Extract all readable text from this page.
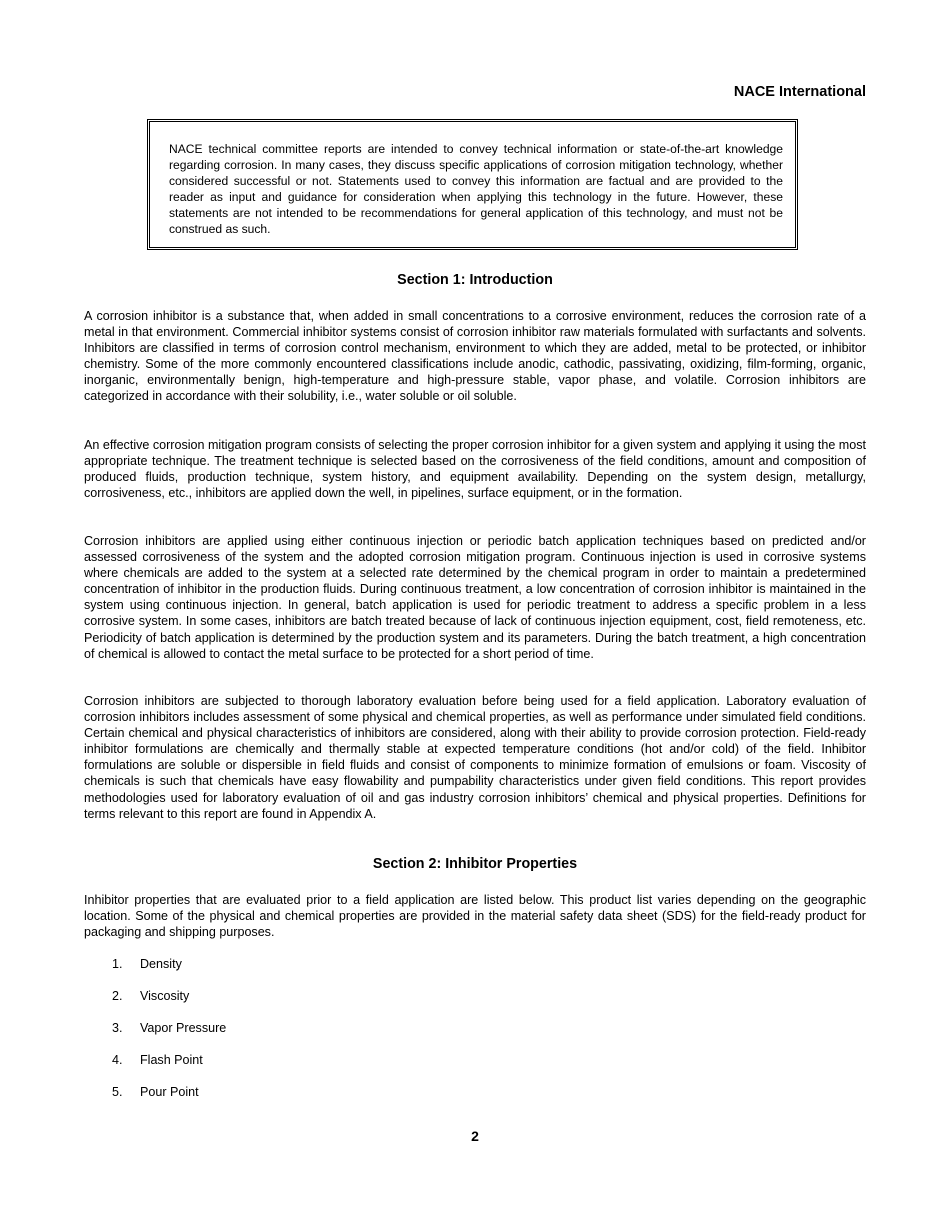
NACE International

NACE technical committee reports are intended to convey technical information or state-of-the-art knowledge regarding corrosion. In many cases, they discuss specific applications of corrosion mitigation technology, whether considered successful or not. Statements used to convey this information are factual and are provided to the reader as input and guidance for consideration when applying this technology in the future. However, these statements are not intended to be recommendations for general application of this technology, and must not be construed as such.

Section 1: Introduction

A corrosion inhibitor is a substance that, when added in small concentrations to a corrosive environment, reduces the corrosion rate of a metal in that environment. Commercial inhibitor systems consist of corrosion inhibitor raw materials formulated with surfactants and solvents. Inhibitors are classified in terms of corrosion control mechanism, environment to which they are added, metal to be protected, or inhibitor chemistry. Some of the more commonly encountered classifications include anodic, cathodic, passivating, oxidizing, film-forming, organic, inorganic, environmentally benign, high-temperature and high-pressure stable, vapor phase, and volatile. Corrosion inhibitors are categorized in accordance with their solubility, i.e., water soluble or oil soluble.

An effective corrosion mitigation program consists of selecting the proper corrosion inhibitor for a given system and applying it using the most appropriate technique. The treatment technique is selected based on the corrosiveness of the field conditions, amount and composition of produced fluids, production technique, system history, and equipment availability. Depending on the system design, metallurgy, corrosiveness, etc., inhibitors are applied down the well, in pipelines, surface equipment, or in the formation.

Corrosion inhibitors are applied using either continuous injection or periodic batch application techniques based on predicted and/or assessed corrosiveness of the system and the adopted corrosion mitigation program. Continuous injection is used in corrosive systems where chemicals are added to the system at a selected rate determined by the chemical program in order to maintain a predetermined concentration of inhibitor in the production fluids. During continuous treatment, a low concentration of corrosion inhibitor is maintained in the system using continuous injection. In general, batch application is used for periodic treatment to address a specific problem in a less corrosive system. In some cases, inhibitors are batch treated because of lack of continuous injection equipment, cost, field remoteness, etc. Periodicity of batch application is determined by the production system and its parameters. During the batch treatment, a high concentration of chemical is allowed to contact the metal surface to be protected for a short period of time.

Corrosion inhibitors are subjected to thorough laboratory evaluation before being used for a field application. Laboratory evaluation of corrosion inhibitors includes assessment of some physical and chemical properties, as well as performance under simulated field conditions. Certain chemical and physical characteristics of inhibitors are considered, along with their ability to provide corrosion protection. Field-ready inhibitor formulations are chemically and thermally stable at expected temperature conditions (hot and/or cold) of the field. Inhibitor formulations are soluble or dispersible in field fluids and consist of components to minimize formation of emulsions or foam. Viscosity of chemicals is such that chemicals have easy flowability and pumpability characteristics under given field conditions. This report provides methodologies used for laboratory evaluation of oil and gas industry corrosion inhibitors’ chemical and physical properties. Definitions for terms relevant to this report are found in Appendix A.

Section 2: Inhibitor Properties

Inhibitor properties that are evaluated prior to a field application are listed below. This product list varies depending on the geographic location. Some of the physical and chemical properties are provided in the material safety data sheet (SDS) for the field-ready product for packaging and shipping purposes.

1.	Density
2.	Viscosity
3.	Vapor Pressure
4.	Flash Point
5.	Pour Point
2
